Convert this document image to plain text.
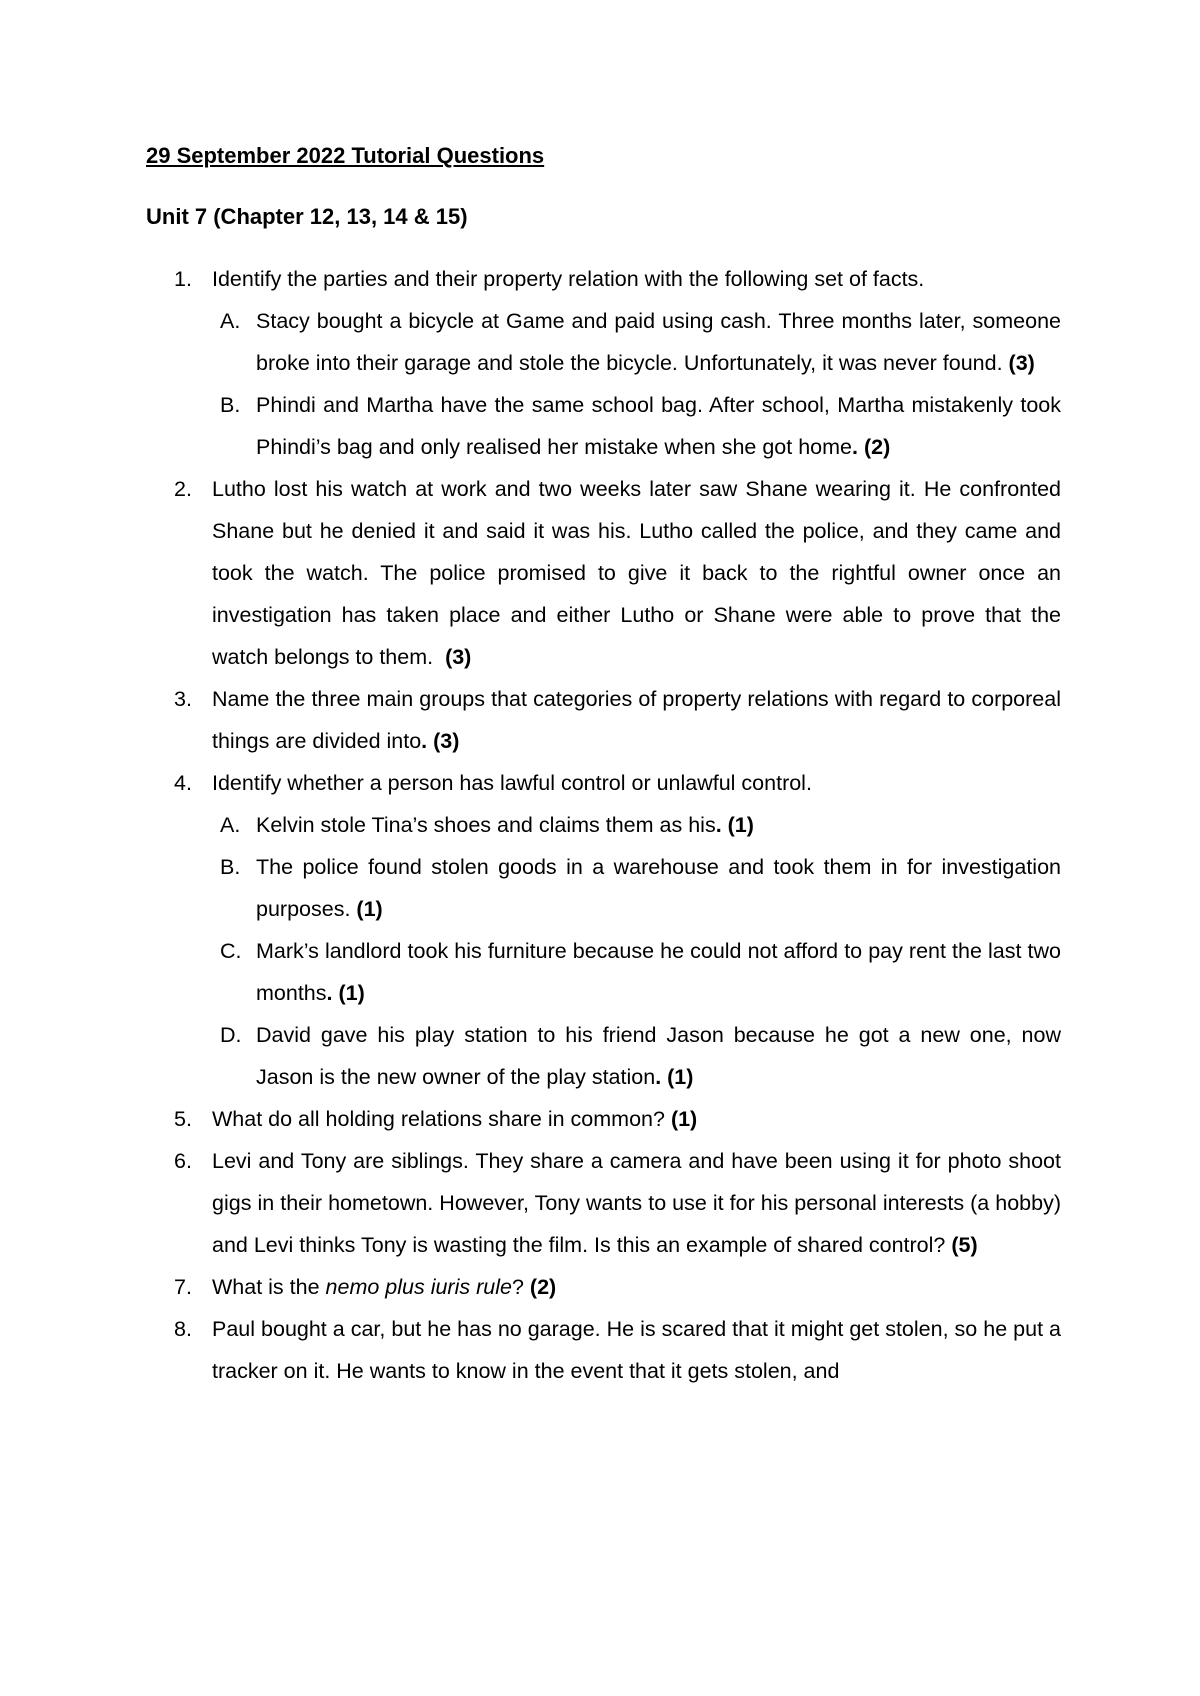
29 September 2022 Tutorial Questions
Unit 7 (Chapter 12, 13, 14 & 15)
1. Identify the parties and their property relation with the following set of facts.
A. Stacy bought a bicycle at Game and paid using cash. Three months later, someone broke into their garage and stole the bicycle. Unfortunately, it was never found. (3)
B. Phindi and Martha have the same school bag. After school, Martha mistakenly took Phindi’s bag and only realised her mistake when she got home. (2)
2. Lutho lost his watch at work and two weeks later saw Shane wearing it. He confronted Shane but he denied it and said it was his. Lutho called the police, and they came and took the watch. The police promised to give it back to the rightful owner once an investigation has taken place and either Lutho or Shane were able to prove that the watch belongs to them. (3)
3. Name the three main groups that categories of property relations with regard to corporeal things are divided into. (3)
4. Identify whether a person has lawful control or unlawful control.
A. Kelvin stole Tina’s shoes and claims them as his. (1)
B. The police found stolen goods in a warehouse and took them in for investigation purposes. (1)
C. Mark’s landlord took his furniture because he could not afford to pay rent the last two months. (1)
D. David gave his play station to his friend Jason because he got a new one, now Jason is the new owner of the play station. (1)
5. What do all holding relations share in common? (1)
6. Levi and Tony are siblings. They share a camera and have been using it for photo shoot gigs in their hometown. However, Tony wants to use it for his personal interests (a hobby) and Levi thinks Tony is wasting the film. Is this an example of shared control? (5)
7. What is the nemo plus iuris rule? (2)
8. Paul bought a car, but he has no garage. He is scared that it might get stolen, so he put a tracker on it. He wants to know in the event that it gets stolen, and
